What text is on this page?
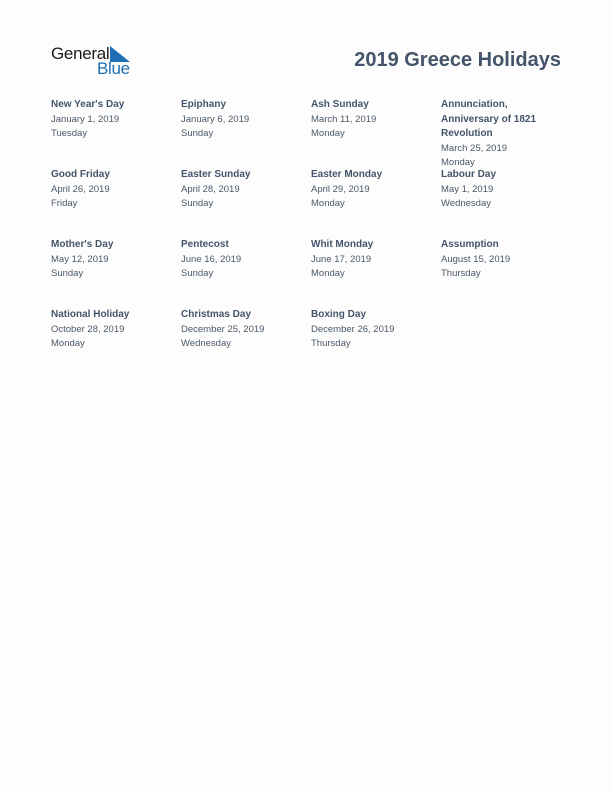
General
Blue	2019 Greece Holidays
New Year's Day
January 1, 2019
Tuesday
Epiphany
January 6, 2019
Sunday
Ash Sunday
March 11, 2019
Monday
Annunciation, Anniversary of 1821 Revolution
March 25, 2019
Monday
Good Friday
April 26, 2019
Friday
Easter Sunday
April 28, 2019
Sunday
Easter Monday
April 29, 2019
Monday
Labour Day
May 1, 2019
Wednesday
Mother's Day
May 12, 2019
Sunday
Pentecost
June 16, 2019
Sunday
Whit Monday
June 17, 2019
Monday
Assumption
August 15, 2019
Thursday
National Holiday
October 28, 2019
Monday
Christmas Day
December 25, 2019
Wednesday
Boxing Day
December 26, 2019
Thursday
